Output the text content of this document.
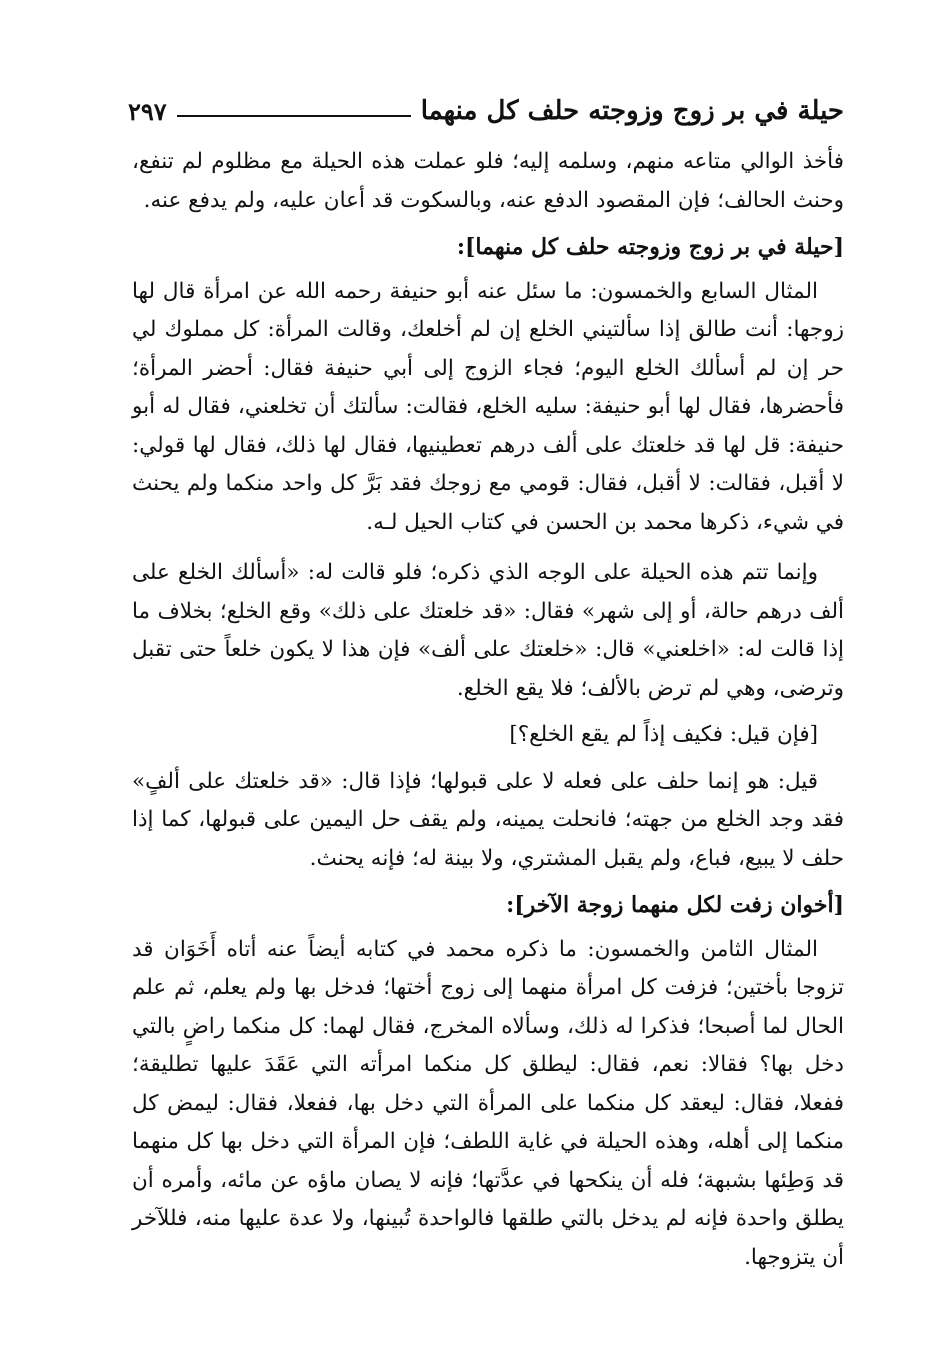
حيلة في بر زوج وزوجته حلف كل منهما
٢٩٧

فأخذ الوالي متاعه منهم، وسلمه إليه؛ فلو عملت هذه الحيلة مع مظلوم لم تنفع، وحنث الحالف؛ فإن المقصود الدفع عنه، وبالسكوت قد أعان عليه، ولم يدفع عنه.

[حيلة في بر زوج وزوجته حلف كل منهما]:

المثال السابع والخمسون: ما سئل عنه أبو حنيفة رحمه الله عن امرأة قال لها زوجها: أنت طالق إذا سألتيني الخلع إن لم أخلعك، وقالت المرأة: كل مملوك لي حر إن لم أسألك الخلع اليوم؛ فجاء الزوج إلى أبي حنيفة فقال: أحضر المرأة؛ فأحضرها، فقال لها أبو حنيفة: سليه الخلع، فقالت: سألتك أن تخلعني، فقال له أبو حنيفة: قل لها قد خلعتك على ألف درهم تعطينيها، فقال لها ذلك، فقال لها قولي: لا أقبل، فقالت: لا أقبل، فقال: قومي مع زوجك فقد بَرَّ كل واحد منكما ولم يحنث في شيء، ذكرها محمد بن الحسن في كتاب الحيل لـه.

وإنما تتم هذه الحيلة على الوجه الذي ذكره؛ فلو قالت له: «أسألك الخلع على ألف درهم حالة، أو إلى شهر» فقال: «قد خلعتك على ذلك» وقع الخلع؛ بخلاف ما إذا قالت له: «اخلعني» قال: «خلعتك على ألف» فإن هذا لا يكون خلعاً حتى تقبل وترضى، وهي لم ترض بالألف؛ فلا يقع الخلع.

[فإن قيل: فكيف إذاً لم يقع الخلع؟]

قيل: هو إنما حلف على فعله لا على قبولها؛ فإذا قال: «قد خلعتك على ألفٍ» فقد وجد الخلع من جهته؛ فانحلت يمينه، ولم يقف حل اليمين على قبولها، كما إذا حلف لا يبيع، فباع، ولم يقبل المشتري، ولا بينة له؛ فإنه يحنث.

[أخوان زفت لكل منهما زوجة الآخر]:

المثال الثامن والخمسون: ما ذكره محمد في كتابه أيضاً عنه أتاه أَخَوَان قد تزوجا بأختين؛ فزفت كل امرأة منهما إلى زوج أختها؛ فدخل بها ولم يعلم، ثم علم الحال لما أصبحا؛ فذكرا له ذلك، وسألاه المخرج، فقال لهما: كل منكما راضٍ بالتي دخل بها؟ فقالا: نعم، فقال: ليطلق كل منكما امرأته التي عَقَدَ عليها تطليقة؛ ففعلا، فقال: ليعقد كل منكما على المرأة التي دخل بها، ففعلا، فقال: ليمض كل منكما إلى أهله، وهذه الحيلة في غاية اللطف؛ فإن المرأة التي دخل بها كل منهما قد وَطِئها بشبهة؛ فله أن ينكحها في عدَّتها؛ فإنه لا يصان ماؤه عن مائه، وأمره أن يطلق واحدة فإنه لم يدخل بالتي طلقها فالواحدة تُبينها، ولا عدة عليها منه، فللآخر أن يتزوجها.
